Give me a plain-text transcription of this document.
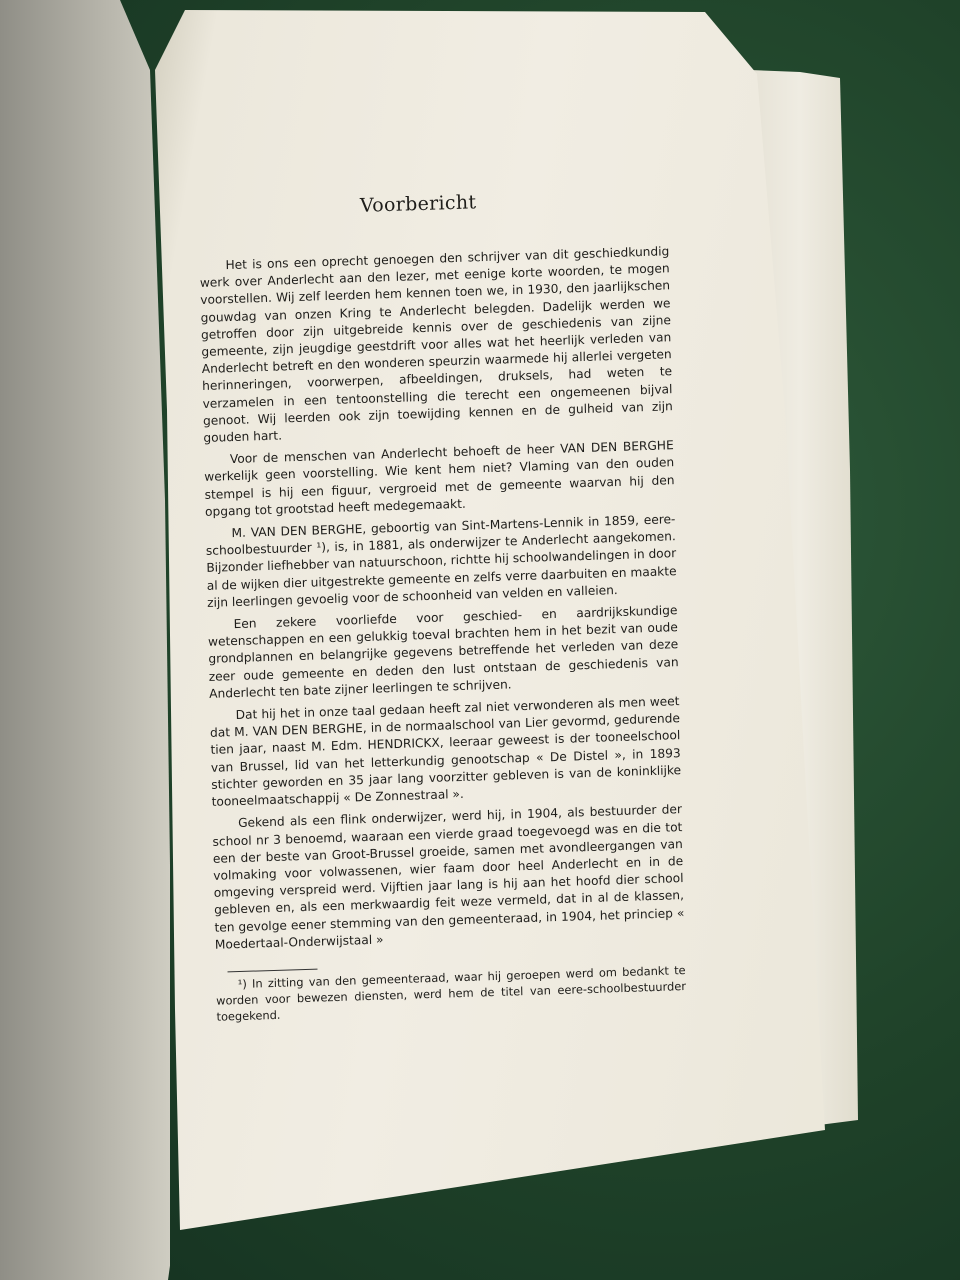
Voorbericht

Het is ons een oprecht genoegen den schrijver van dit geschiedkundig werk over Anderlecht aan den lezer, met eenige korte woorden, te mogen voorstellen. Wij zelf leerden hem kennen toen we, in 1930, den jaarlijkschen gouwdag van onzen Kring te Anderlecht belegden. Dadelijk werden we getroffen door zijn uitgebreide kennis over de geschiedenis van zijne gemeente, zijn jeugdige geestdrift voor alles wat het heerlijk verleden van Anderlecht betreft en den wonderen speurzin waarmede hij allerlei vergeten herinneringen, voorwerpen, afbeeldingen, druksels, had weten te verzamelen in een tentoonstelling die terecht een ongemeenen bijval genoot. Wij leerden ook zijn toewijding kennen en de gulheid van zijn gouden hart.

Voor de menschen van Anderlecht behoeft de heer VAN DEN BERGHE werkelijk geen voorstelling. Wie kent hem niet? Vlaming van den ouden stempel is hij een figuur, vergroeid met de gemeente waarvan hij den opgang tot grootstad heeft medegemaakt.

M. VAN DEN BERGHE, geboortig van Sint-Martens-Lennik in 1859, eere-schoolbestuurder ¹), is, in 1881, als onderwijzer te Anderlecht aangekomen. Bijzonder liefhebber van natuurschoon, richtte hij schoolwandelingen in door al de wijken dier uitgestrekte gemeente en zelfs verre daarbuiten en maakte zijn leerlingen gevoelig voor de schoonheid van velden en valleien.

Een zekere voorliefde voor geschied- en aardrijkskundige wetenschappen en een gelukkig toeval brachten hem in het bezit van oude grondplannen en belangrijke gegevens betreffende het verleden van deze zeer oude gemeente en deden den lust ontstaan de geschiedenis van Anderlecht ten bate zijner leerlingen te schrijven.

Dat hij het in onze taal gedaan heeft zal niet verwonderen als men weet dat M. VAN DEN BERGHE, in de normaalschool van Lier gevormd, gedurende tien jaar, naast M. Edm. HENDRICKX, leeraar geweest is der tooneelschool van Brussel, lid van het letterkundig genootschap « De Distel », in 1893 stichter geworden en 35 jaar lang voorzitter gebleven is van de koninklijke tooneelmaatschappij « De Zonnestraal ».

Gekend als een flink onderwijzer, werd hij, in 1904, als bestuurder der school nr 3 benoemd, waaraan een vierde graad toegevoegd was en die tot een der beste van Groot-Brussel groeide, samen met avondleergangen van volmaking voor volwassenen, wier faam door heel Anderlecht en in de omgeving verspreid werd. Vijftien jaar lang is hij aan het hoofd dier school gebleven en, als een merkwaardig feit weze vermeld, dat in al de klassen, ten gevolge eener stemming van den gemeenteraad, in 1904, het princiep « Moedertaal-Onderwijstaal »

¹) In zitting van den gemeenteraad, waar hij geroepen werd om bedankt te worden voor bewezen diensten, werd hem de titel van eere-schoolbestuurder toegekend.
